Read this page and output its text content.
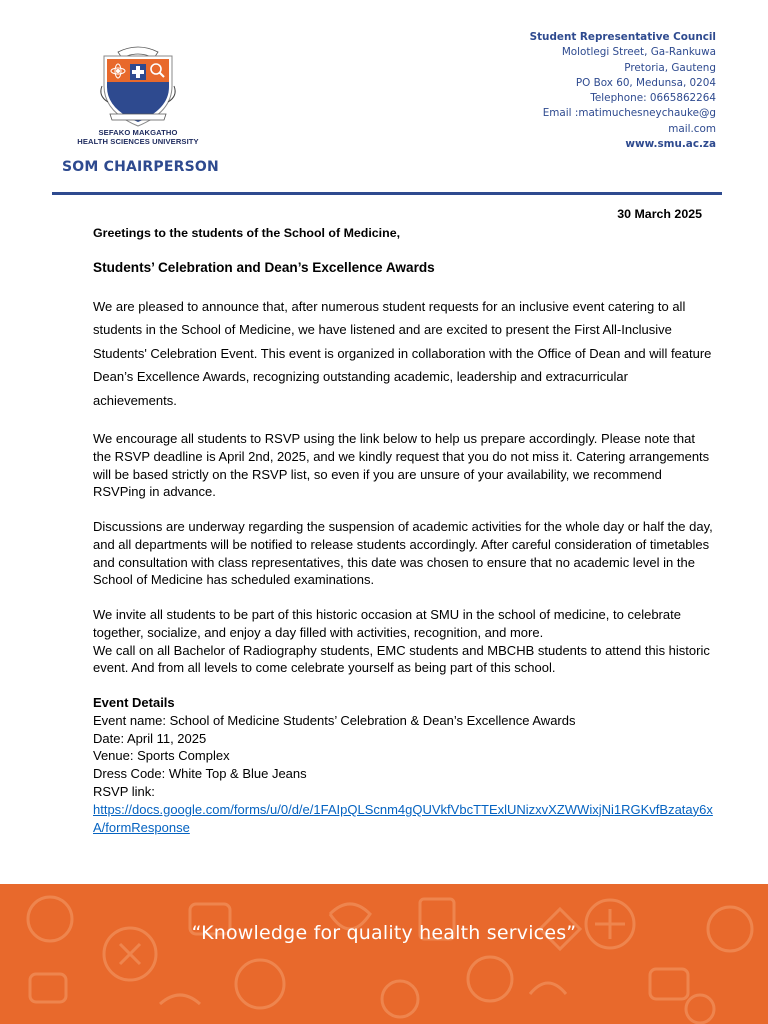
SEFAKO MAKGATHO
HEALTH SCIENCES UNIVERSITY
SOM CHAIRPERSON
Student Representative Council
Molotlegi Street, Ga-Rankuwa
Pretoria, Gauteng
PO Box 60, Medunsa, 0204
Telephone: 0665862264
Email :matimuchesneychauke@g
mail.com
www.smu.ac.za
30 March 2025
Greetings to the students of the School of Medicine,
Students’ Celebration and Dean’s Excellence Awards

We are pleased to announce that, after numerous student requests for an inclusive event catering to all students in the School of Medicine, we have listened and are excited to present the First All-Inclusive Students' Celebration Event. This event is organized in collaboration with the Office of Dean and will feature Dean’s Excellence Awards, recognizing outstanding academic, leadership and extracurricular achievements.

We encourage all students to RSVP using the link below to help us prepare accordingly. Please note that the RSVP deadline is April 2nd, 2025, and we kindly request that you do not miss it. Catering arrangements will be based strictly on the RSVP list, so even if you are unsure of your availability, we recommend RSVPing in advance.

Discussions are underway regarding the suspension of academic activities for the whole day or half the day, and all departments will be notified to release students accordingly. After careful consideration of timetables and consultation with class representatives, this date was chosen to ensure that no academic level in the School of Medicine has scheduled examinations.

We invite all students to be part of this historic occasion at SMU in the school of medicine, to celebrate together, socialize, and enjoy a day filled with activities, recognition, and more.
We call on all Bachelor of Radiography students, EMC students and MBCHB students to attend this historic event. And from all levels to come celebrate yourself as being part of this school.
Event Details
Event name: School of Medicine Students’ Celebration & Dean’s Excellence Awards
Date: April 11, 2025
Venue: Sports Complex
Dress Code: White Top & Blue Jeans
RSVP link:
https://docs.google.com/forms/u/0/d/e/1FAIpQLScnm4gQUVkfVbcTTExlUNizxvXZWWixjNi1RGKvfBzatay6xA/formResponse
“Knowledge for quality health services”
